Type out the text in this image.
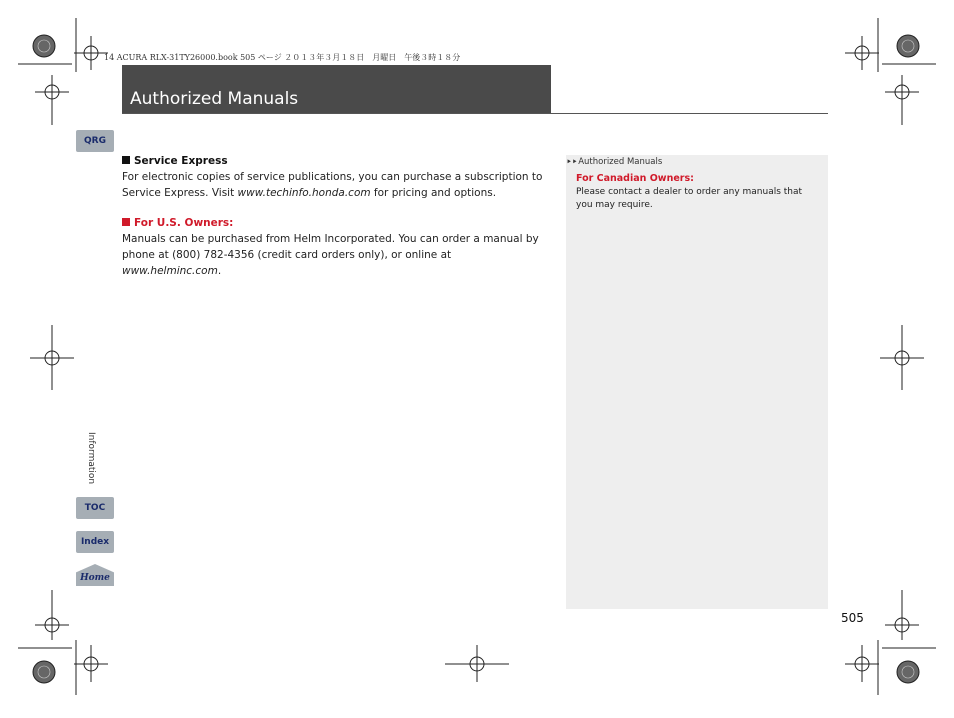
14 ACURA RLX-31TY26000.book 505 ページ ２０１３年３月１８日　月曜日　午後３時１８分
Authorized Manuals
QRG
Information
TOC
Index
Home
Service Express

For electronic copies of service publications, you can purchase a subscription to Service Express. Visit www.techinfo.honda.com for pricing and options.

For U.S. Owners:

Manuals can be purchased from Helm Incorporated. You can order a manual by phone at (800) 782-4356 (credit card orders only), or online at www.helminc.com.

⯈⯈Authorized Manuals
For Canadian Owners:
Please contact a dealer to order any manuals that you may require.
505
